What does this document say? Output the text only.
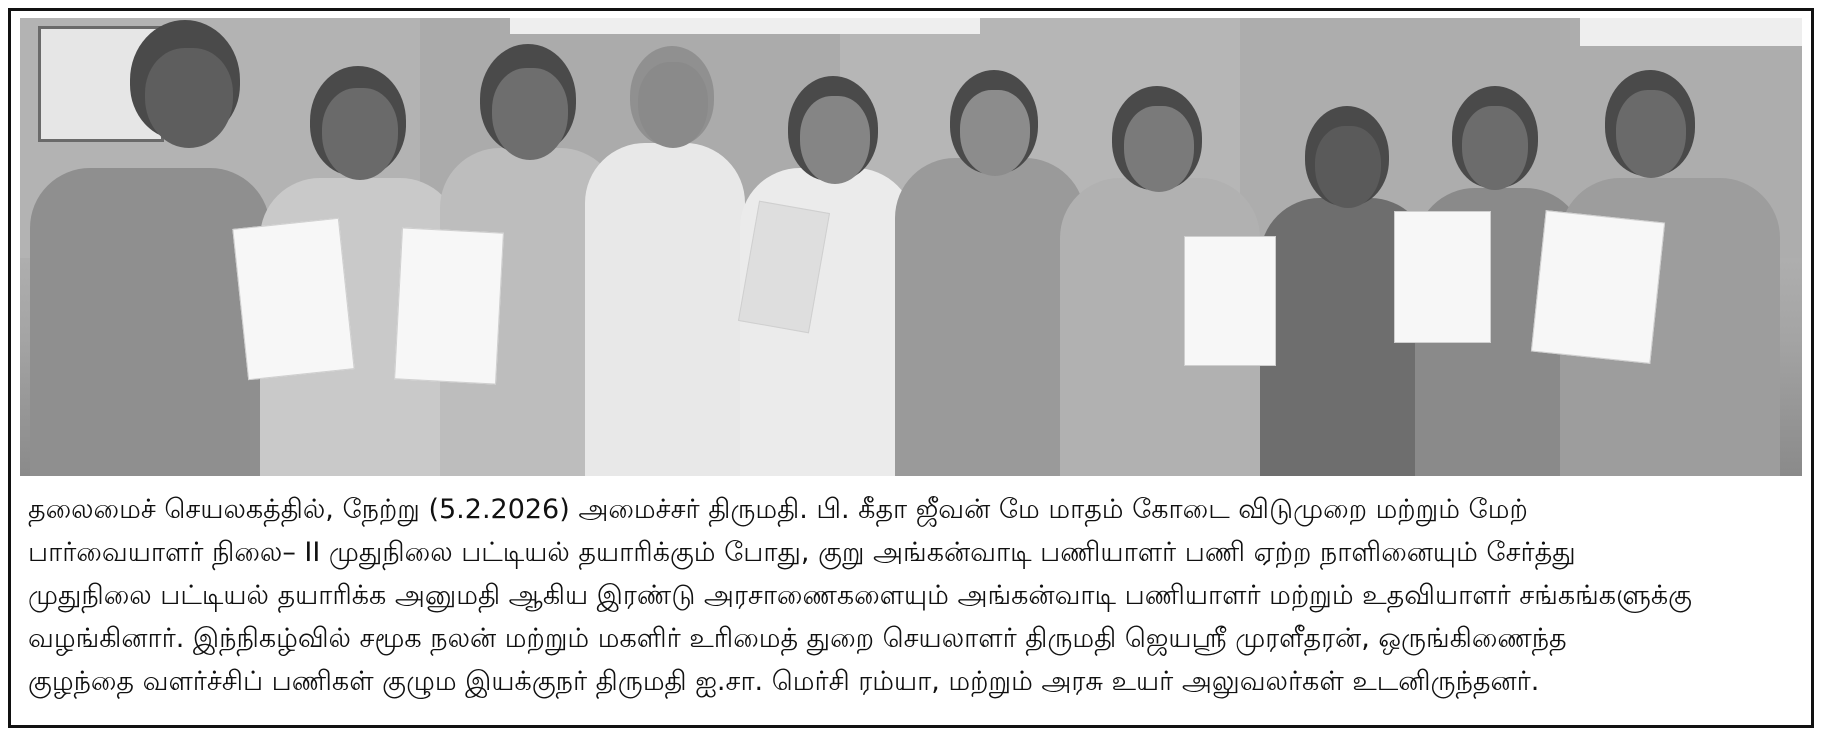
தலைமைச் செயலகத்தில், நேற்று (5.2.2026) அமைச்சர் திருமதி. பி. கீதா ஜீவன் மே மாதம் கோடை விடுமுறை மற்றும் மேற்

பார்வையாளர் நிலை– II முதுநிலை பட்டியல் தயாரிக்கும் போது, குறு அங்கன்வாடி பணியாளர் பணி ஏற்ற நாளினையும் சேர்த்து

முதுநிலை பட்டியல் தயாரிக்க அனுமதி ஆகிய இரண்டு அரசாணைகளையும் அங்கன்வாடி பணியாளர் மற்றும் உதவியாளர் சங்கங்களுக்கு

வழங்கினார். இந்நிகழ்வில் சமூக நலன் மற்றும் மகளிர் உரிமைத் துறை செயலாளர் திருமதி ஜெயஸ்ரீ முரளீதரன், ஒருங்கிணைந்த

குழந்தை வளர்ச்சிப் பணிகள் குழும இயக்குநர் திருமதி ஐ.சா. மெர்சி ரம்யா, மற்றும் அரசு உயர் அலுவலர்கள் உடனிருந்தனர்.
